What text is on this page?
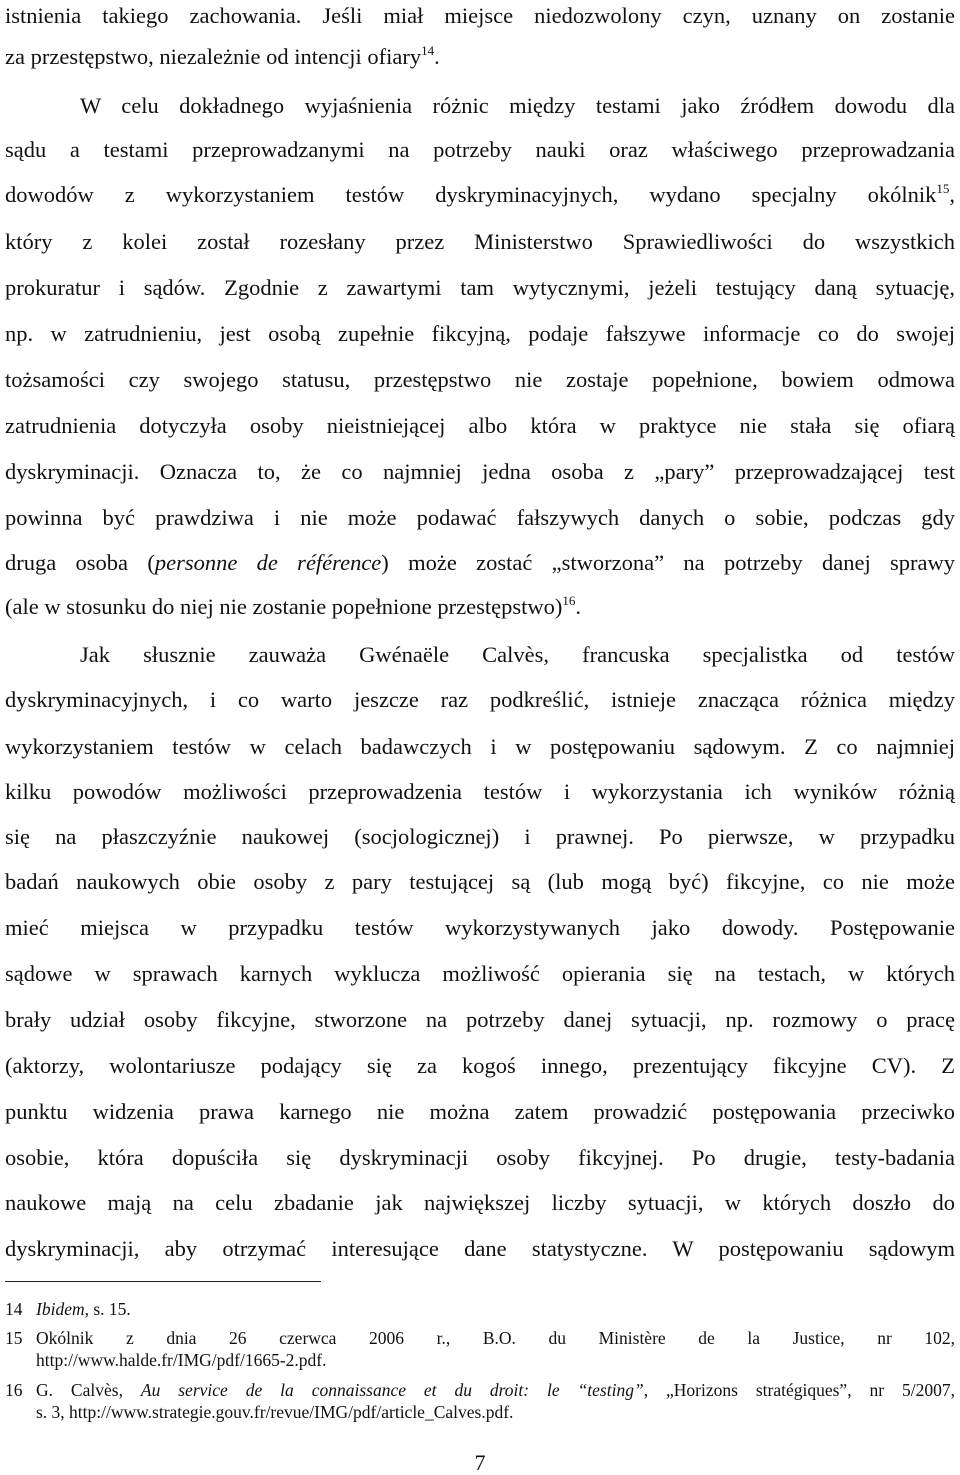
istnienia takiego zachowania. Jeśli miał miejsce niedozwolony czyn, uznany on zostanie
za przestępstwo, niezależnie od intencji ofiary$^{14}$.
W celu dokładnego wyjaśnienia różnic między testami jako źródłem dowodu dla
sądu a testami przeprowadzanymi na potrzeby nauki oraz właściwego przeprowadzania
dowodów z wykorzystaniem testów dyskryminacyjnych, wydano specjalny okólnik$^{15}$,
który z kolei został rozesłany przez Ministerstwo Sprawiedliwości do wszystkich
prokuratur i sądów. Zgodnie z zawartymi tam wytycznymi, jeżeli testujący daną sytuację,
np. w zatrudnieniu, jest osobą zupełnie fikcyjną, podaje fałszywe informacje co do swojej
tożsamości czy swojego statusu, przestępstwo nie zostaje popełnione, bowiem odmowa
zatrudnienia dotyczyła osoby nieistniejącej albo która w praktyce nie stała się ofiarą
dyskryminacji. Oznacza to, że co najmniej jedna osoba z „pary” przeprowadzającej test
powinna być prawdziwa i nie może podawać fałszywych danych o sobie, podczas gdy
druga osoba (personne de référence) może zostać „stworzona” na potrzeby danej sprawy
(ale w stosunku do niej nie zostanie popełnione przestępstwo)$^{16}$.
Jak słusznie zauważa Gwénaële Calvès, francuska specjalistka od testów
dyskryminacyjnych, i co warto jeszcze raz podkreślić, istnieje znacząca różnica między
wykorzystaniem testów w celach badawczych i w postępowaniu sądowym. Z co najmniej
kilku powodów możliwości przeprowadzenia testów i wykorzystania ich wyników różnią
się na płaszczyźnie naukowej (socjologicznej) i prawnej. Po pierwsze, w przypadku
badań naukowych obie osoby z pary testującej są (lub mogą być) fikcyjne, co nie może
mieć miejsca w przypadku testów wykorzystywanych jako dowody. Postępowanie
sądowe w sprawach karnych wyklucza możliwość opierania się na testach, w których
brały udział osoby fikcyjne, stworzone na potrzeby danej sytuacji, np. rozmowy o pracę
(aktorzy, wolontariusze podający się za kogoś innego, prezentujący fikcyjne CV). Z
punktu widzenia prawa karnego nie można zatem prowadzić postępowania przeciwko
osobie, która dopuściła się dyskryminacji osoby fikcyjnej. Po drugie, testy-badania
naukowe mają na celu zbadanie jak największej liczby sytuacji, w których doszło do
dyskryminacji, aby otrzymać interesujące dane statystyczne. W postępowaniu sądowym
14 Ibidem, s. 15.
15 Okólnik z dnia 26 czerwca 2006 r., B.O. du Ministère de la Justice, nr 102,
http://www.halde.fr/IMG/pdf/1665-2.pdf.
16 G. Calvès, Au service de la connaissance et du droit: le “testing”, „Horizons stratégiques”, nr 5/2007,
s. 3, http://www.strategie.gouv.fr/revue/IMG/pdf/article_Calves.pdf.
7
